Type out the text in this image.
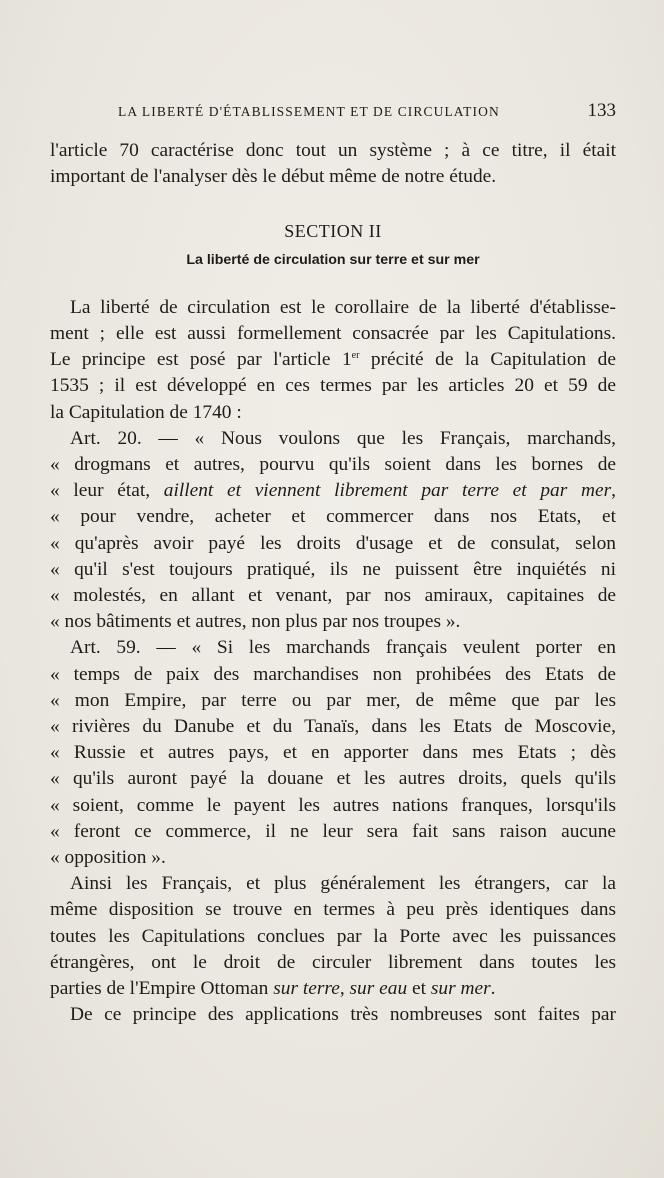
LA LIBERTÉ D'ÉTABLISSEMENT ET DE CIRCULATION	133

l'article 70 caractérise donc tout un système ; à ce titre, il était
important de l'analyser dès le début même de notre étude.

SECTION II
La liberté de circulation sur terre et sur mer

La liberté de circulation est le corollaire de la liberté d'établisse-
ment ; elle est aussi formellement consacrée par les Capitulations.
Le principe est posé par l'article 1er précité de la Capitulation de
1535 ; il est développé en ces termes par les articles 20 et 59 de
la Capitulation de 1740 :

Art. 20. — « Nous voulons que les Français, marchands,
« drogmans et autres, pourvu qu'ils soient dans les bornes de
« leur état, aillent et viennent librement par terre et par mer,
« pour vendre, acheter et commercer dans nos Etats, et
« qu'après avoir payé les droits d'usage et de consulat, selon
« qu'il s'est toujours pratiqué, ils ne puissent être inquiétés ni
« molestés, en allant et venant, par nos amiraux, capitaines de
« nos bâtiments et autres, non plus par nos troupes ».

Art. 59. — « Si les marchands français veulent porter en
« temps de paix des marchandises non prohibées des Etats de
« mon Empire, par terre ou par mer, de même que par les
« rivières du Danube et du Tanaïs, dans les Etats de Moscovie,
« Russie et autres pays, et en apporter dans mes Etats ; dès
« qu'ils auront payé la douane et les autres droits, quels qu'ils
« soient, comme le payent les autres nations franques, lorsqu'ils
« feront ce commerce, il ne leur sera fait sans raison aucune
« opposition ».

Ainsi les Français, et plus généralement les étrangers, car la
même disposition se trouve en termes à peu près identiques dans
toutes les Capitulations conclues par la Porte avec les puissances
étrangères, ont le droit de circuler librement dans toutes les
parties de l'Empire Ottoman sur terre, sur eau et sur mer.

De ce principe des applications très nombreuses sont faites par
